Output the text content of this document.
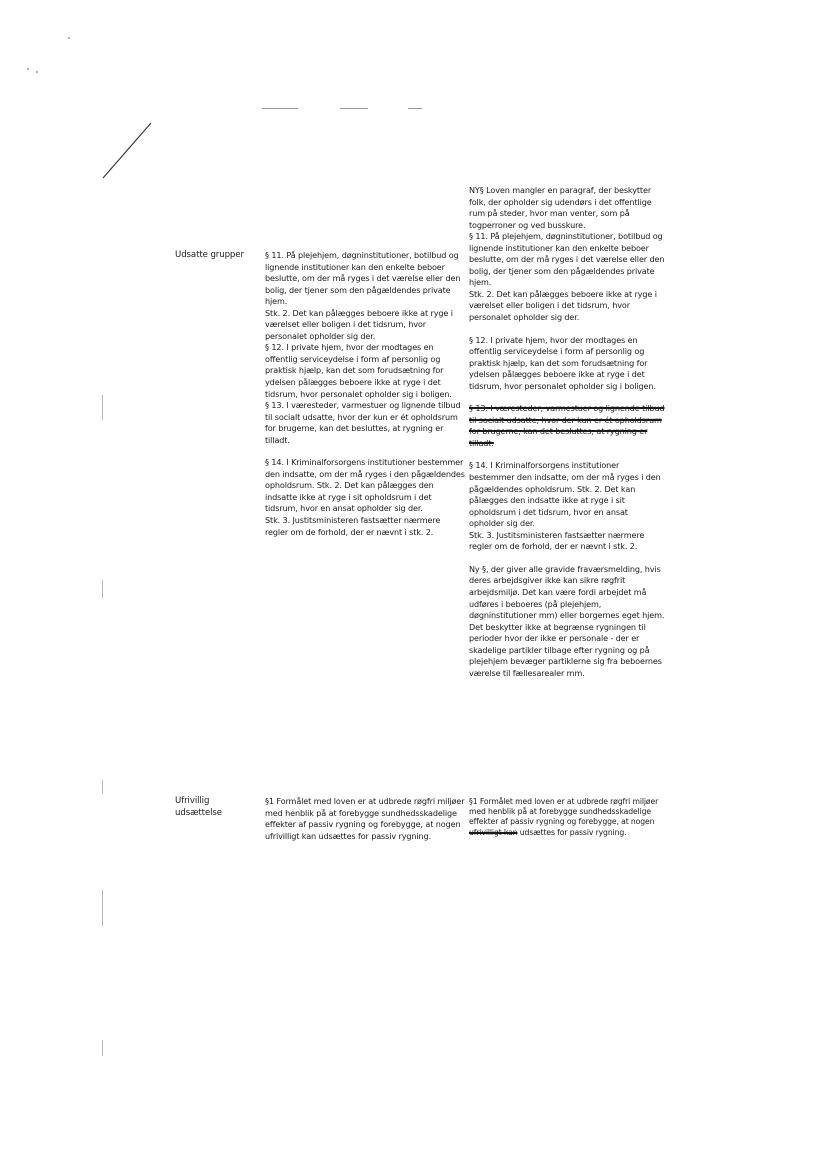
Udsatte grupper	§ 11. På plejehjem, døgninstitutioner, botilbud og lignende institutioner kan den enkelte beboer beslutte, om der må ryges i det værelse eller den bolig, der tjener som den pågældendes private hjem.

Stk. 2. Det kan pålægges beboere ikke at ryge i værelset eller boligen i det tidsrum, hvor personalet opholder sig der.

§ 12. I private hjem, hvor der modtages en offentlig serviceydelse i form af personlig og praktisk hjælp, kan det som forudsætning for ydelsen pålægges beboere ikke at ryge i det tidsrum, hvor personalet opholder sig i boligen.

§ 13. I væresteder, varmestuer og lignende tilbud til socialt udsatte, hvor der kun er ét opholdsrum for brugerne, kan det besluttes, at rygning er tilladt.

§ 14. I Kriminalforsorgens institutioner bestemmer den indsatte, om der må ryges i den pågældendes opholdsrum. Stk. 2. Det kan pålægges den indsatte ikke at ryge i sit opholdsrum i det tidsrum, hvor en ansat opholder sig der.

Stk. 3. Justitsministeren fastsætter nærmere regler om de forhold, der er nævnt i stk. 2.

NY§ Loven mangler en paragraf, der beskytter folk, der opholder sig udendørs i det offentlige rum på steder, hvor man venter, som på togperroner og ved busskure.

§ 11. På plejehjem, døgninstitutioner, botilbud og lignende institutioner kan den enkelte beboer beslutte, om der må ryges i det værelse eller den bolig, der tjener som den pågældendes private hjem.

Stk. 2. Det kan pålægges beboere ikke at ryge i værelset eller boligen i det tidsrum, hvor personalet opholder sig der.

§ 12. I private hjem, hvor der modtages en offentlig serviceydelse i form af personlig og praktisk hjælp, kan det som forudsætning for ydelsen pålægges beboere ikke at ryge i det tidsrum, hvor personalet opholder sig i boligen.

§ 13. I væresteder, varmestuer og lignende tilbud til socialt udsatte, hvor der kun er ét opholdsrum for brugerne, kan det besluttes, at rygning er tilladt.

§ 14. I Kriminalforsorgens institutioner bestemmer den indsatte, om der må ryges i den pågældendes opholdsrum. Stk. 2. Det kan pålægges den indsatte ikke at ryge i sit opholdsrum i det tidsrum, hvor en ansat opholder sig der.

Stk. 3. Justitsministeren fastsætter nærmere regler om de forhold, der er nævnt i stk. 2.

Ny §, der giver alle gravide fraværsmelding, hvis deres arbejdsgiver ikke kan sikre røgfrit arbejdsmiljø. Det kan være fordi arbejdet må udføres i beboeres (på plejehjem, døgninstitutioner mm) eller borgernes eget hjem. Det beskytter ikke at begrænse rygningen til perioder hvor der ikke er personale - der er skadelige partikler tilbage efter rygning og på plejehjem bevæger partiklerne sig fra beboernes værelse til fællesarealer mm.

Ufrivillig
udsættelse

§1 Formålet med loven er at udbrede røgfri miljøer med henblik på at forebygge sundhedsskadelige effekter af passiv rygning og forebygge, at nogen ufrivilligt kan udsættes for passiv rygning.

§1 Formålet med loven er at udbrede røgfri miljøer med henblik på at forebygge sundhedsskadelige effekter af passiv rygning og forebygge, at nogen ufrivilligt kan udsættes for passiv rygning.
